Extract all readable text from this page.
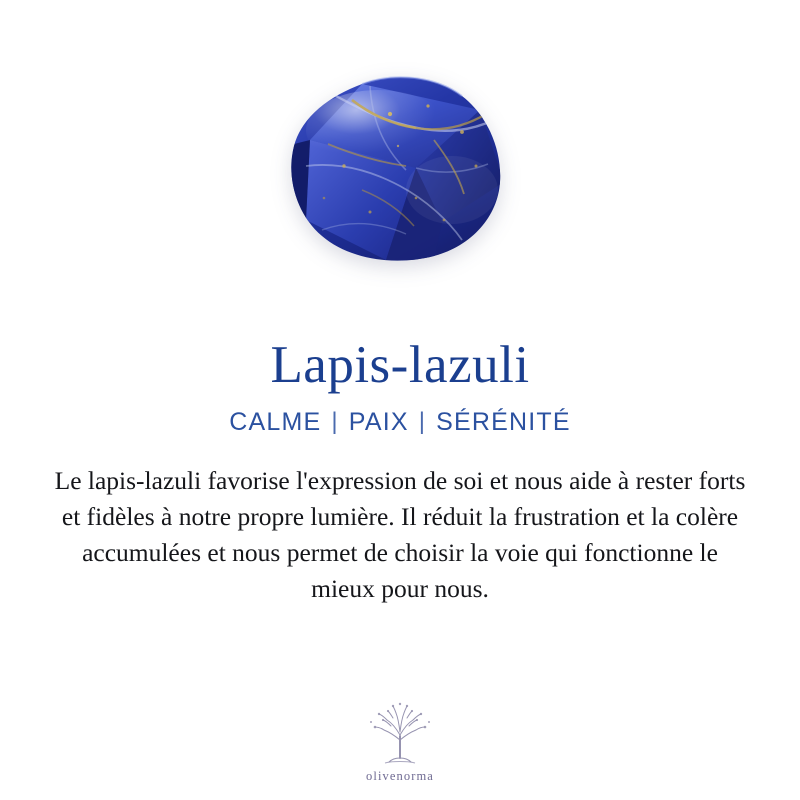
Lapis-lazuli
CALME | PAIX | SÉRÉNITÉ
Le lapis-lazuli favorise l'expression de soi et nous aide à rester forts et fidèles à notre propre lumière. Il réduit la frustration et la colère accumulées et nous permet de choisir la voie qui fonctionne le mieux pour nous.
olivenorma
